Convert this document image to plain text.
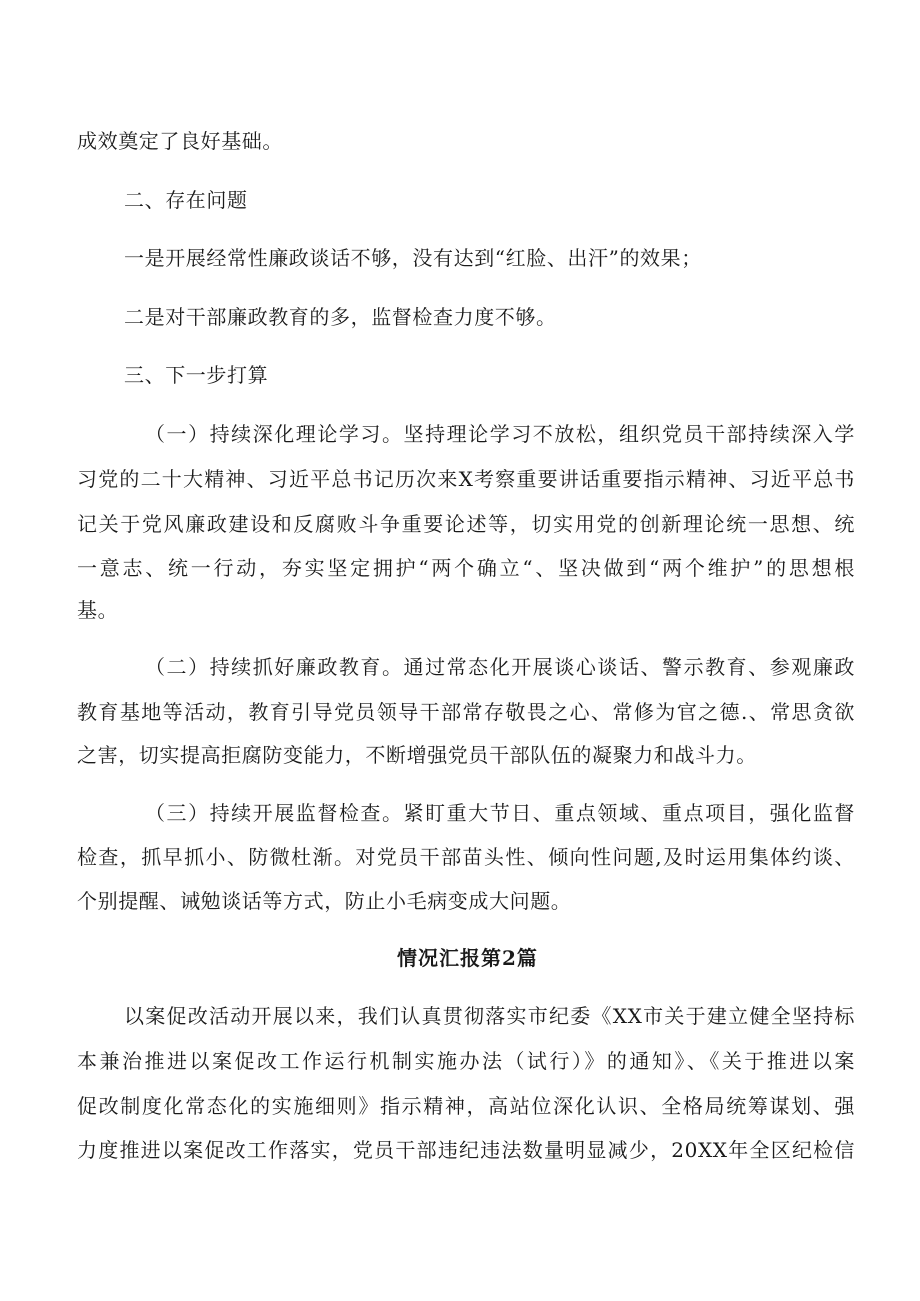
成效奠定了良好基础。
二、存在问题
一是开展经常性廉政谈话不够，没有达到“红脸、出汗”的效果；
二是对干部廉政教育的多，监督检查力度不够。
三、下一步打算
（一）持续深化理论学习。坚持理论学习不放松，组织党员干部持续深入学
习党的二十大精神、习近平总书记历次来X考察重要讲话重要指示精神、习近平总书
记关于党风廉政建设和反腐败斗争重要论述等，切实用党的创新理论统一思想、统
一意志、统一行动，夯实坚定拥护“两个确立“、坚决做到“两个维护”的思想根
基。
（二）持续抓好廉政教育。通过常态化开展谈心谈话、警示教育、参观廉政
教育基地等活动，教育引导党员领导干部常存敬畏之心、常修为官之德.、常思贪欲
之害，切实提高拒腐防变能力，不断增强党员干部队伍的凝聚力和战斗力。
（三）持续开展监督检查。紧盯重大节日、重点领域、重点项目，强化监督
检查，抓早抓小、防微杜渐。对党员干部苗头性、倾向性问题,及时运用集体约谈、
个别提醒、诫勉谈话等方式，防止小毛病变成大问题。
情况汇报第2篇
以案促改活动开展以来，我们认真贯彻落实市纪委《XX市关于建立健全坚持标
本兼治推进以案促改工作运行机制实施办法（试行）》的通知》、《关于推进以案
促改制度化常态化的实施细则》指示精神，高站位深化认识、全格局统筹谋划、强
力度推进以案促改工作落实，党员干部违纪违法数量明显减少，20XX年全区纪检信
